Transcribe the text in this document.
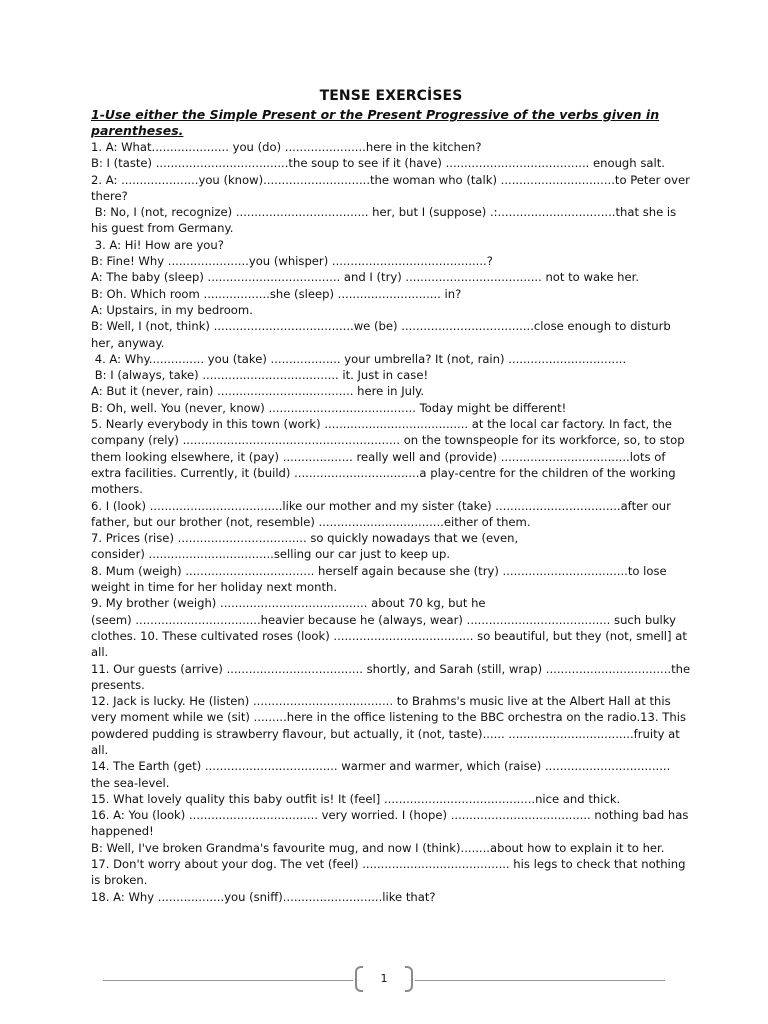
TENSE EXERCİSES

1-Use either the Simple Present or the Present Progressive of the verbs given in parentheses.

1. A: What..................... you (do) ......................here in the kitchen?

B: I (taste) ....................................the soup to see if it (have) ....................................... enough salt.

2. A: .....................you (know).............................the woman who (talk) ...............................to Peter over there?

B: No, I (not, recognize) .................................... her, but I (suppose) .:................................that she is his guest from Germany.

3. A: Hi! How are you?

B: Fine! Why ......................you (whisper) ..........................................?

A: The baby (sleep) .................................... and I (try) ..................................... not to wake her.

B: Oh. Which room ..................she (sleep) ............................ in?

A: Upstairs, in my bedroom.

B: Well, I (not, think) ......................................we (be) ....................................close enough to disturb her, anyway.

4. A: Why............... you (take) ................... your umbrella? It (not, rain) ................................

B: I (always, take) ..................................... it. Just in case!

A: But it (never, rain) ..................................... here in July.

B: Oh, well. You (never, know) ........................................ Today might be different!

5. Nearly everybody in this town (work) ....................................... at the local car factory. In fact, the company (rely) ........................................................... on the townspeople for its workforce, so, to stop them looking elsewhere, it (pay) ................... really well and (provide) ...................................lots of extra facilities. Currently, it (build) ..................................a play-centre for the children of the working mothers.

6. I (look) ....................................like our mother and my sister (take) ..................................after our father, but our brother (not, resemble) ..................................either of them.

7. Prices (rise) ................................... so quickly nowadays that we (even,
consider) ..................................selling our car just to keep up.

8. Mum (weigh) ................................... herself again because she (try) ..................................to lose weight in time for her holiday next month.

9. My brother (weigh) ........................................ about 70 kg, but he
(seem) ..................................heavier because he (always, wear) ....................................... such bulky clothes. 10. These cultivated roses (look) ...................................... so beautiful, but they (not, smell] at all.

11. Our guests (arrive) ..................................... shortly, and Sarah (still, wrap) ..................................the presents.

12. Jack is lucky. He (listen) ...................................... to Brahms's music live at the Albert Hall at this very moment while we (sit) .........here in the office listening to the BBC orchestra on the radio.13. This powdered pudding is strawberry flavour, but actually, it (not, taste)...... ..................................fruity at all.

14. The Earth (get) .................................... warmer and warmer, which (raise) ..................................
the sea-level.

15. What lovely quality this baby outfit is! It (feel] .........................................nice and thick.

16. A: You (look) ................................... very worried. I (hope) ...................................... nothing bad has happened!

B: Well, I've broken Grandma's favourite mug, and now I (think)........about how to explain it to her.

17. Don't worry about your dog. The vet (feel) ........................................ his legs to check that nothing is broken.

18. A: Why ..................you (sniff)...........................like that?

1
